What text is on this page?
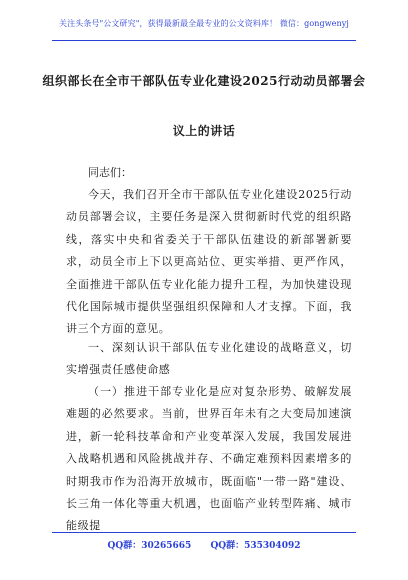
关注头条号"公文研究"，获得最新最全最专业的公文资料库！ 微信：gongwenyj
组织部长在全市干部队伍专业化建设2025行动动员部署会
议上的讲话
同志们：
今天，我们召开全市干部队伍专业化建设2025行动动员部署会议，主要任务是深入贯彻新时代党的组织路线，落实中央和省委关于干部队伍建设的新部署新要求，动员全市上下以更高站位、更实举措、更严作风，全面推进干部队伍专业化能力提升工程，为加快建设现代化国际城市提供坚强组织保障和人才支撑。下面，我讲三个方面的意见。
一、深刻认识干部队伍专业化建设的战略意义，切实增强责任感使命感
（一）推进干部专业化是应对复杂形势、破解发展难题的必然要求。当前，世界百年未有之大变局加速演进，新一轮科技革命和产业变革深入发展，我国发展进入战略机遇和风险挑战并存、不确定难预料因素增多的时期我市作为沿海开放城市，既面临"一带一路"建设、长三角一体化等重大机遇，也面临产业转型阵痛、城市能级提
QQ群：30265665 QQ群：535304092
